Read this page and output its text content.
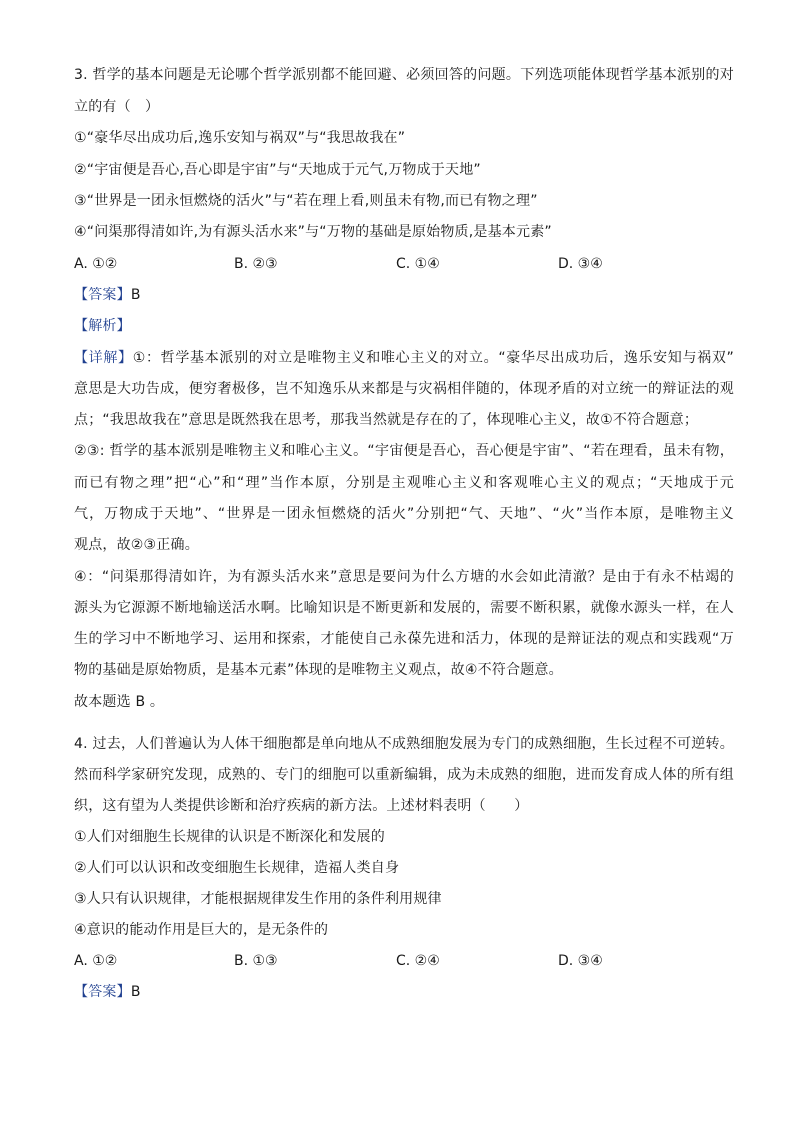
3. 哲学的基本问题是无论哪个哲学派别都不能回避、必须回答的问题。下列选项能体现哲学基本派别的对
立的有（　）
①“豪华尽出成功后,逸乐安知与祸双”与“我思故我在”
②“宇宙便是吾心,吾心即是宇宙”与“天地成于元气,万物成于天地”
③“世界是一团永恒燃烧的活火”与“若在理上看,则虽未有物,而已有物之理”
④“问渠那得清如许,为有源头活水来”与“万物的基础是原始物质,是基本元素”
A. ①②	B. ②③	C. ①④	D. ③④
【答案】B
【解析】
【详解】①：哲学基本派别的对立是唯物主义和唯心主义的对立。“豪华尽出成功后，逸乐安知与祸双”
意思是大功告成，便穷奢极侈，岂不知逸乐从来都是与灾祸相伴随的，体现矛盾的对立统一的辩证法的观
点；“我思故我在”意思是既然我在思考，那我当然就是存在的了，体现唯心主义，故①不符合题意；
②③: 哲学的基本派别是唯物主义和唯心主义。“宇宙便是吾心，吾心便是宇宙”、“若在理看，虽未有物，
而已有物之理”把“心”和“理”当作本原，分别是主观唯心主义和客观唯心主义的观点；“天地成于元
气，万物成于天地”、“世界是一团永恒燃烧的活火”分别把“气、天地”、“火”当作本原，是唯物主义
观点，故②③正确。
④：“问渠那得清如许，为有源头活水来”意思是要问为什么方塘的水会如此清澈？是由于有永不枯竭的
源头为它源源不断地输送活水啊。比喻知识是不断更新和发展的，需要不断积累，就像水源头一样，在人
生的学习中不断地学习、运用和探索，才能使自己永葆先进和活力，体现的是辩证法的观点和实践观“万
物的基础是原始物质，是基本元素”体现的是唯物主义观点，故④不符合题意。
故本题选 B 。
4. 过去，人们普遍认为人体干细胞都是单向地从不成熟细胞发展为专门的成熟细胞，生长过程不可逆转。
然而科学家研究发现，成熟的、专门的细胞可以重新编辑，成为未成熟的细胞，进而发育成人体的所有组
织，这有望为人类提供诊断和治疗疾病的新方法。上述材料表明（　　）
①人们对细胞生长规律的认识是不断深化和发展的
②人们可以认识和改变细胞生长规律，造福人类自身
③人只有认识规律，才能根据规律发生作用的条件利用规律
④意识的能动作用是巨大的，是无条件的
A. ①②	B. ①③	C. ②④	D. ③④
【答案】B
